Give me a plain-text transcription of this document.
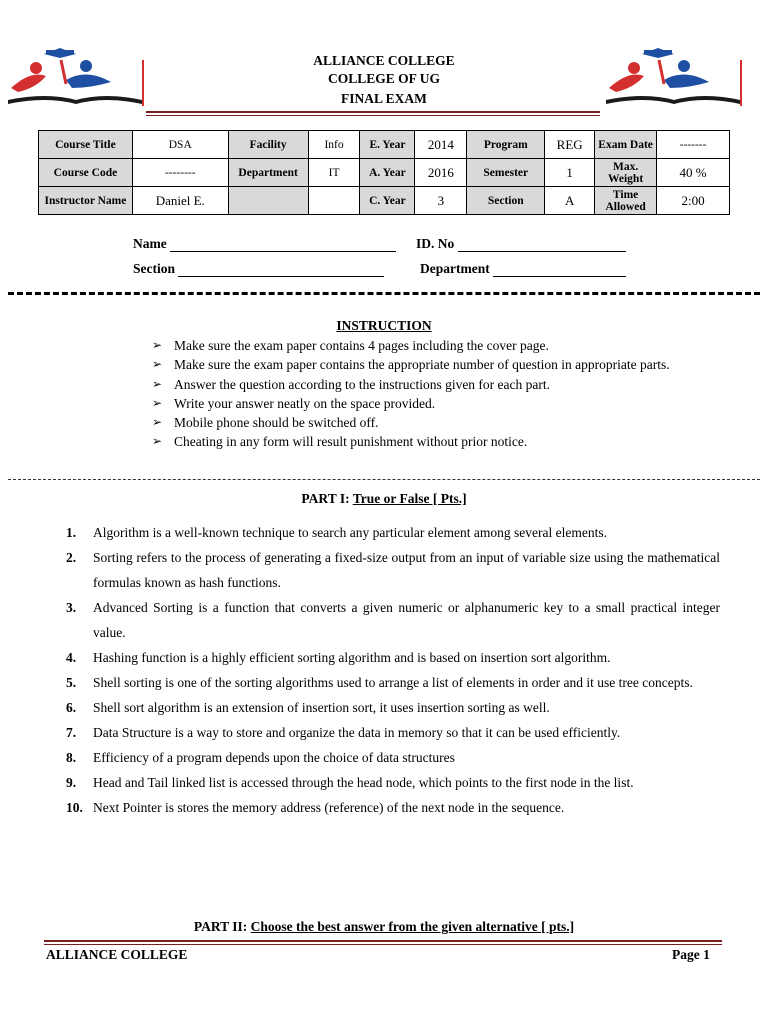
ALLIANCE COLLEGE
COLLEGE OF UG
FINAL EXAM
Course Title	DSA	Facility	Info	E. Year	2014	Program	REG	Exam Date	-------
Course Code	--------	Department	IT	A. Year	2016	Semester	1	Max. Weight	40 %
Instructor Name	Daniel E.			C. Year	3	Section	A	Time Allowed	2:00
Name	ID. No
Section	Department
INSTRUCTION
➢ Make sure the exam paper contains 4 pages including the cover page.
➢ Make sure the exam paper contains the appropriate number of question in appropriate parts.
➢ Answer the question according to the instructions given for each part.
➢ Write your answer neatly on the space provided.
➢ Mobile phone should be switched off.
➢ Cheating in any form will result punishment without prior notice.
PART I: True or False [ Pts.]
1. Algorithm is a well-known technique to search any particular element among several elements.
2. Sorting refers to the process of generating a fixed-size output from an input of variable size using the mathematical formulas known as hash functions.
3. Advanced Sorting is a function that converts a given numeric or alphanumeric key to a small practical integer value.
4. Hashing function is a highly efficient sorting algorithm and is based on insertion sort algorithm.
5. Shell sorting is one of the sorting algorithms used to arrange a list of elements in order and it use tree concepts.
6. Shell sort algorithm is an extension of insertion sort, it uses insertion sorting as well.
7. Data Structure is a way to store and organize the data in memory so that it can be used efficiently.
8. Efficiency of a program depends upon the choice of data structures
9. Head and Tail linked list is accessed through the head node, which points to the first node in the list.
10. Next Pointer is stores the memory address (reference) of the next node in the sequence.
PART II: Choose the best answer from the given alternative [ pts.]
ALLIANCE COLLEGE	Page 1
